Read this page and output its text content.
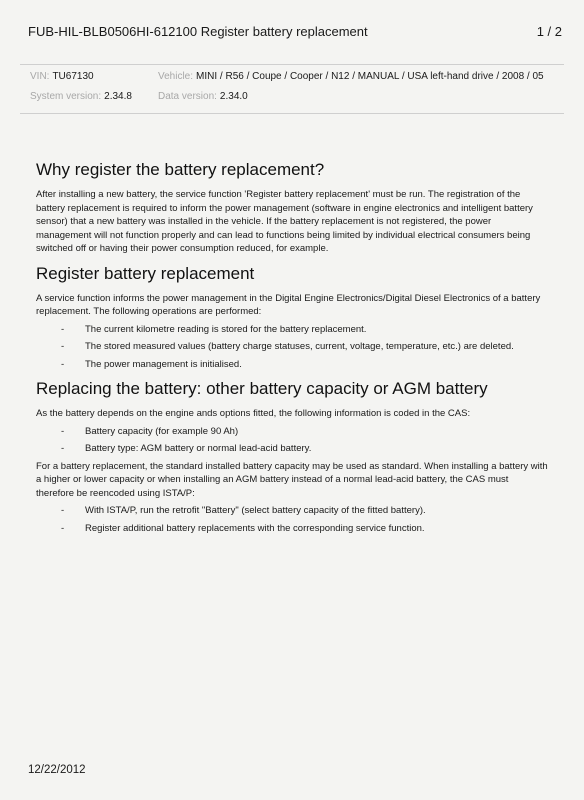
FUB-HIL-BLB0506HI-612100 Register battery replacement	1 / 2
VIN: TU67130	Vehicle: MINI / R56 / Coupe / Cooper / N12 / MANUAL / USA left-hand drive / 2008 / 05
System version: 2.34.8	Data version: 2.34.0
Why register the battery replacement?

After installing a new battery, the service function 'Register battery replacement' must be run. The registration of the battery replacement is required to inform the power management (software in engine electronics and intelligent battery sensor) that a new battery was installed in the vehicle. If the battery replacement is not registered, the power management will not function properly and can lead to functions being limited by individual electrical consumers being switched off or having their power consumption reduced, for example.

Register battery replacement

A service function informs the power management in the Digital Engine Electronics/Digital Diesel Electronics of a battery replacement. The following operations are performed:

- The current kilometre reading is stored for the battery replacement.
- The stored measured values (battery charge statuses, current, voltage, temperature, etc.) are deleted.
- The power management is initialised.
Replacing the battery: other battery capacity or AGM battery

As the battery depends on the engine ands options fitted, the following information is coded in the CAS:

- Battery capacity (for example 90 Ah)
- Battery type: AGM battery or normal lead-acid battery.

For a battery replacement, the standard installed battery capacity may be used as standard. When installing a battery with a higher or lower capacity or when installing an AGM battery instead of a normal lead-acid battery, the CAS must therefore be reencoded using ISTA/P:

- With ISTA/P, run the retrofit "Battery" (select battery capacity of the fitted battery).
- Register additional battery replacements with the corresponding service function.
12/22/2012
